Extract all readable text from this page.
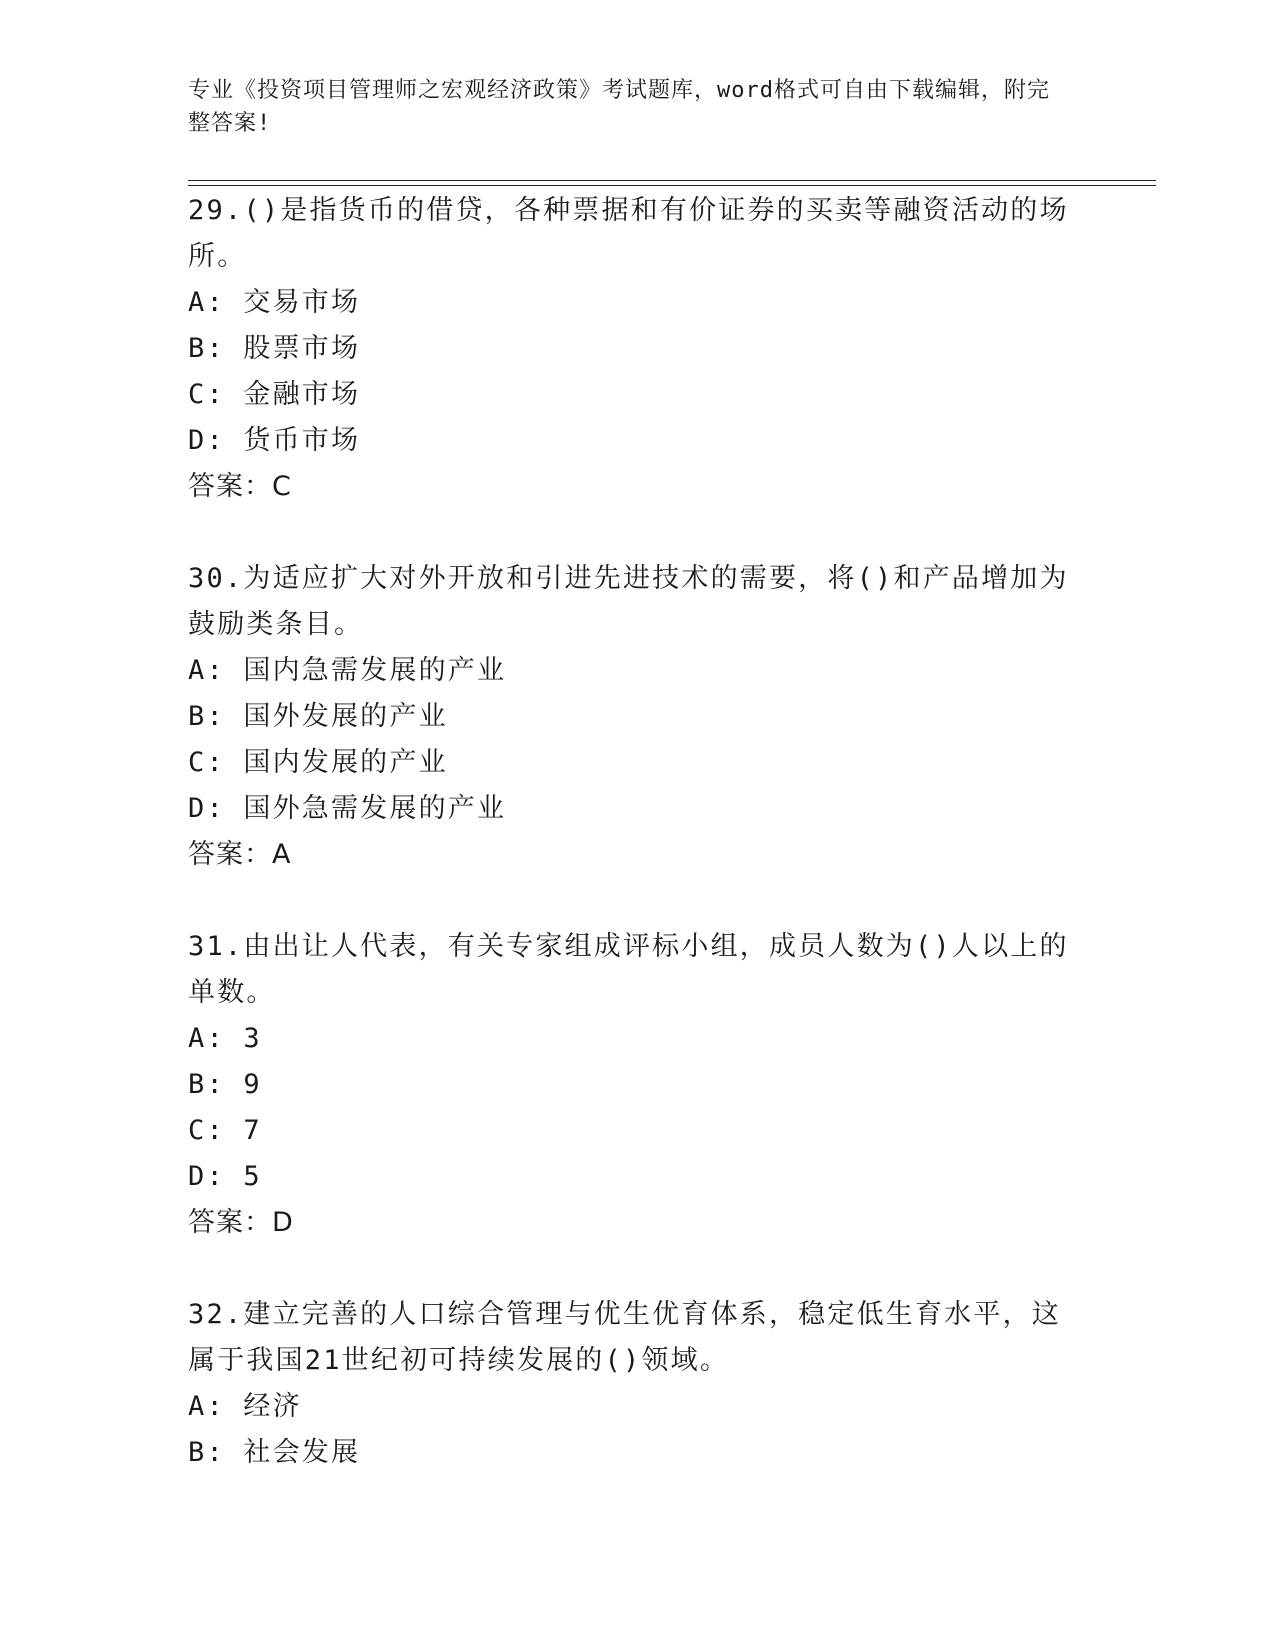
专业《投资项目管理师之宏观经济政策》考试题库，word格式可自由下载编辑，附完整答案!
29.()是指货币的借贷，各种票据和有价证券的买卖等融资活动的场所。
A: 交易市场
B: 股票市场
C: 金融市场
D: 货币市场
答案：C
30.为适应扩大对外开放和引进先进技术的需要，将()和产品增加为鼓励类条目。
A: 国内急需发展的产业
B: 国外发展的产业
C: 国内发展的产业
D: 国外急需发展的产业
答案：A
31.由出让人代表，有关专家组成评标小组，成员人数为()人以上的单数。
A: 3
B: 9
C: 7
D: 5
答案：D
32.建立完善的人口综合管理与优生优育体系，稳定低生育水平，这属于我国21世纪初可持续发展的()领域。
A: 经济
B: 社会发展
